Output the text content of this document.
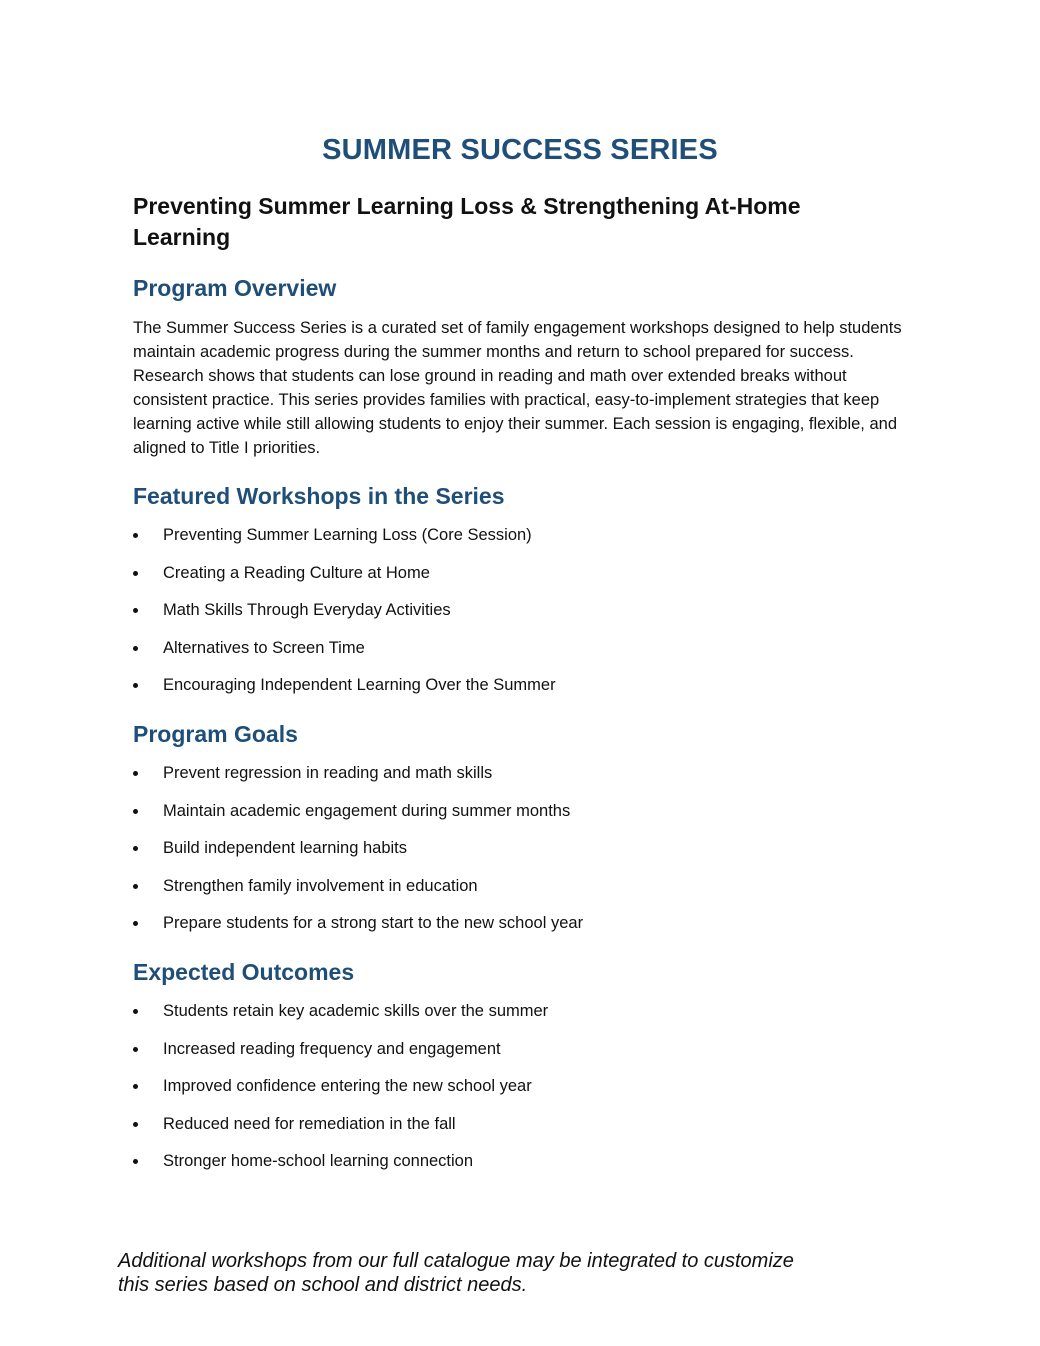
SUMMER SUCCESS SERIES
Preventing Summer Learning Loss & Strengthening At-Home Learning
Program Overview

The Summer Success Series is a curated set of family engagement workshops designed to help students maintain academic progress during the summer months and return to school prepared for success. Research shows that students can lose ground in reading and math over extended breaks without consistent practice. This series provides families with practical, easy-to-implement strategies that keep learning active while still allowing students to enjoy their summer. Each session is engaging, flexible, and aligned to Title I priorities.

Featured Workshops in the Series
Preventing Summer Learning Loss (Core Session)
Creating a Reading Culture at Home
Math Skills Through Everyday Activities
Alternatives to Screen Time
Encouraging Independent Learning Over the Summer
Program Goals
Prevent regression in reading and math skills
Maintain academic engagement during summer months
Build independent learning habits
Strengthen family involvement in education
Prepare students for a strong start to the new school year
Expected Outcomes
Students retain key academic skills over the summer
Increased reading frequency and engagement
Improved confidence entering the new school year
Reduced need for remediation in the fall
Stronger home-school learning connection

Additional workshops from our full catalogue may be integrated to customize
this series based on school and district needs.
